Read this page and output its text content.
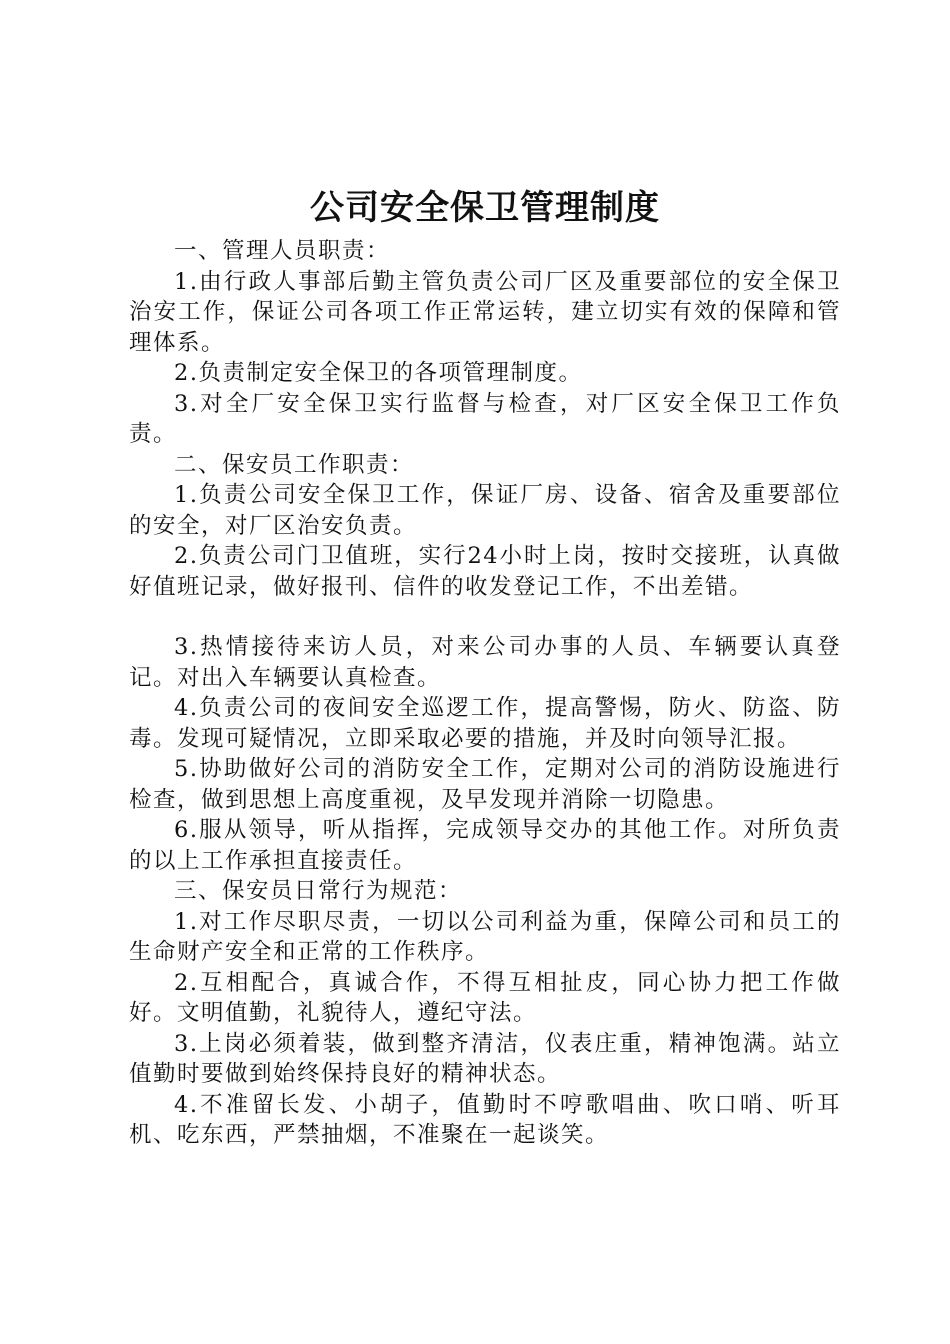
公司安全保卫管理制度

一、管理人员职责：

1.由行政人事部后勤主管负责公司厂区及重要部位的安全保卫治安工作，保证公司各项工作正常运转，建立切实有效的保障和管理体系。

2.负责制定安全保卫的各项管理制度。

3.对全厂安全保卫实行监督与检查，对厂区安全保卫工作负责。

二、保安员工作职责：

1.负责公司安全保卫工作，保证厂房、设备、宿舍及重要部位的安全，对厂区治安负责。

2.负责公司门卫值班，实行24小时上岗，按时交接班，认真做好值班记录，做好报刊、信件的收发登记工作，不出差错。

3.热情接待来访人员，对来公司办事的人员、车辆要认真登记。对出入车辆要认真检查。

4.负责公司的夜间安全巡逻工作，提高警惕，防火、防盗、防毒。发现可疑情况，立即采取必要的措施，并及时向领导汇报。

5.协助做好公司的消防安全工作，定期对公司的消防设施进行检查，做到思想上高度重视，及早发现并消除一切隐患。

6.服从领导，听从指挥，完成领导交办的其他工作。对所负责的以上工作承担直接责任。

三、保安员日常行为规范：

1.对工作尽职尽责，一切以公司利益为重，保障公司和员工的生命财产安全和正常的工作秩序。

2.互相配合，真诚合作，不得互相扯皮，同心协力把工作做好。文明值勤，礼貌待人，遵纪守法。

3.上岗必须着装，做到整齐清洁，仪表庄重，精神饱满。站立值勤时要做到始终保持良好的精神状态。

4.不准留长发、小胡子，值勤时不哼歌唱曲、吹口哨、听耳机、吃东西，严禁抽烟，不准聚在一起谈笑。
